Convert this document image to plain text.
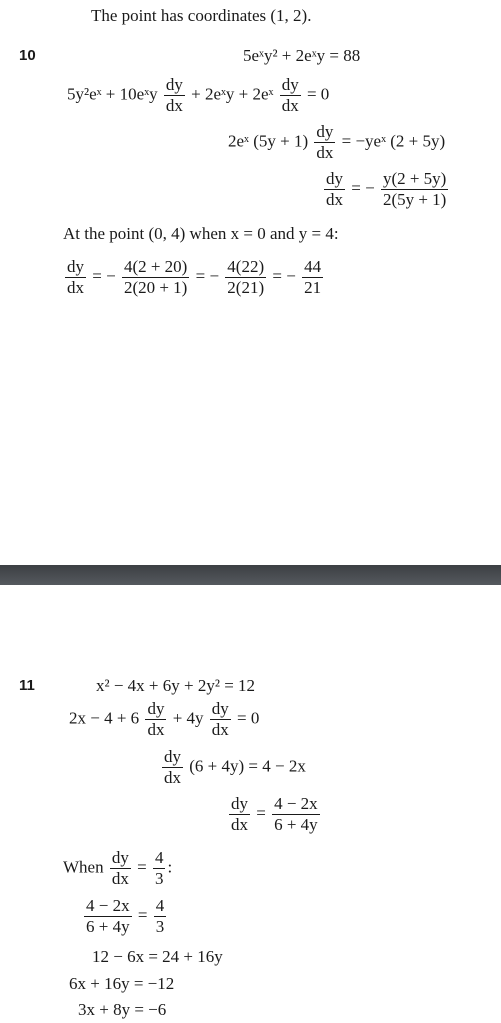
The point has coordinates (1, 2).
10	5eˣy² + 2eˣy = 88
5y²eˣ + 10eˣy $\frac{dy}{dx}$ + 2eˣy + 2eˣ $\frac{dy}{dx} = 0$
2eˣ $(5y + 1) \frac{dy}{dx}$ = −yeˣ (2 + 5y)
$\frac{dy}{dx}$ = − $\frac{y(2 + 5y)}{2(5y + 1)}$
At the point (0, 4) when x = 0 and y = 4:
$\frac{dy}{dx}$ = − $\frac{4(2 + 20)}{2(20 + 1)}$ = − $\frac{4(22)}{2(21)}$ = − $\frac{44}{21}$
11	x² − 4x + 6y + 2y² = 12
$2x - 4 + 6 \frac{dy}{dx} + 4y \frac{dy}{dx} = 0$
$\frac{dy}{dx} (6 + 4y) = 4 - 2x$
$\frac{dy}{dx} = \frac{4 - 2x}{6 + 4y}$
When $\frac{dy}{dx} = \frac{4}{3}$ :
$\frac{4 - 2x}{6 + 4y} = \frac{4}{3}$
12 − 6x = 24 + 16y
6x + 16y = −12
3x + 8y = −6
